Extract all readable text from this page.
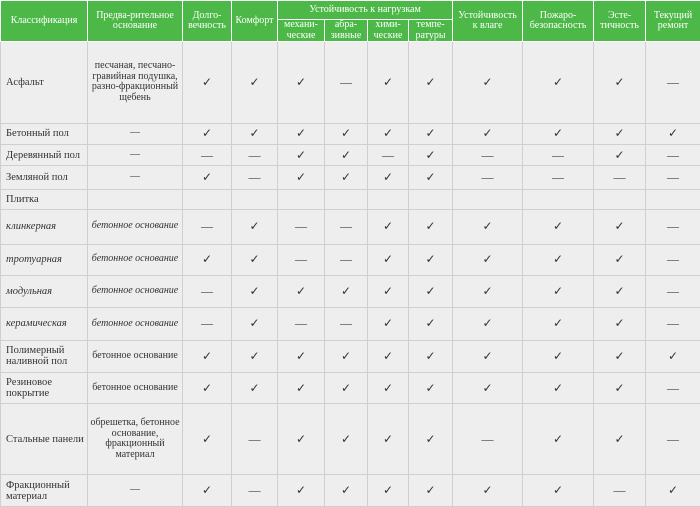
Классификация	Предва-рительное основание	Долго-вечность	Комфорт	Устойчивость к нагрузкам				Устойчивость к влаге	Пожаро-безопасность	Эсте-тичность	Текущий ремонт
				механи-ческие	абра-зивные	хими-ческие	темпе-ратуры				
Асфальт	песчаная, песчано-гравийная подушка, разно-фракционный щебень	✓	✓	✓	—	✓	✓	✓	✓	✓	—
Бетонный пол	—	✓	✓	✓	✓	✓	✓	✓	✓	✓	✓
Деревянный пол	—	—	—	✓	✓	—	✓	—	—	✓	—
Земляной пол	—	✓	—	✓	✓	✓	✓	—	—	—	—
Плитка											
клинкерная	бетонное основание	—	✓	—	—	✓	✓	✓	✓	✓	—
тротуарная	бетонное основание	✓	✓	—	—	✓	✓	✓	✓	✓	—
модульная	бетонное основание	—	✓	✓	✓	✓	✓	✓	✓	✓	—
керамическая	бетонное основание	—	✓	—	—	✓	✓	✓	✓	✓	—
Полимерный наливной пол	бетонное основание	✓	✓	✓	✓	✓	✓	✓	✓	✓	✓
Резиновое покрытие	бетонное основание	✓	✓	✓	✓	✓	✓	✓	✓	✓	—
Стальные панели	обрешетка, бетонное основание, фракционный материал	✓	—	✓	✓	✓	✓	—	✓	✓	—
Фракционный материал	—	✓	—	✓	✓	✓	✓	✓	✓	—	✓
